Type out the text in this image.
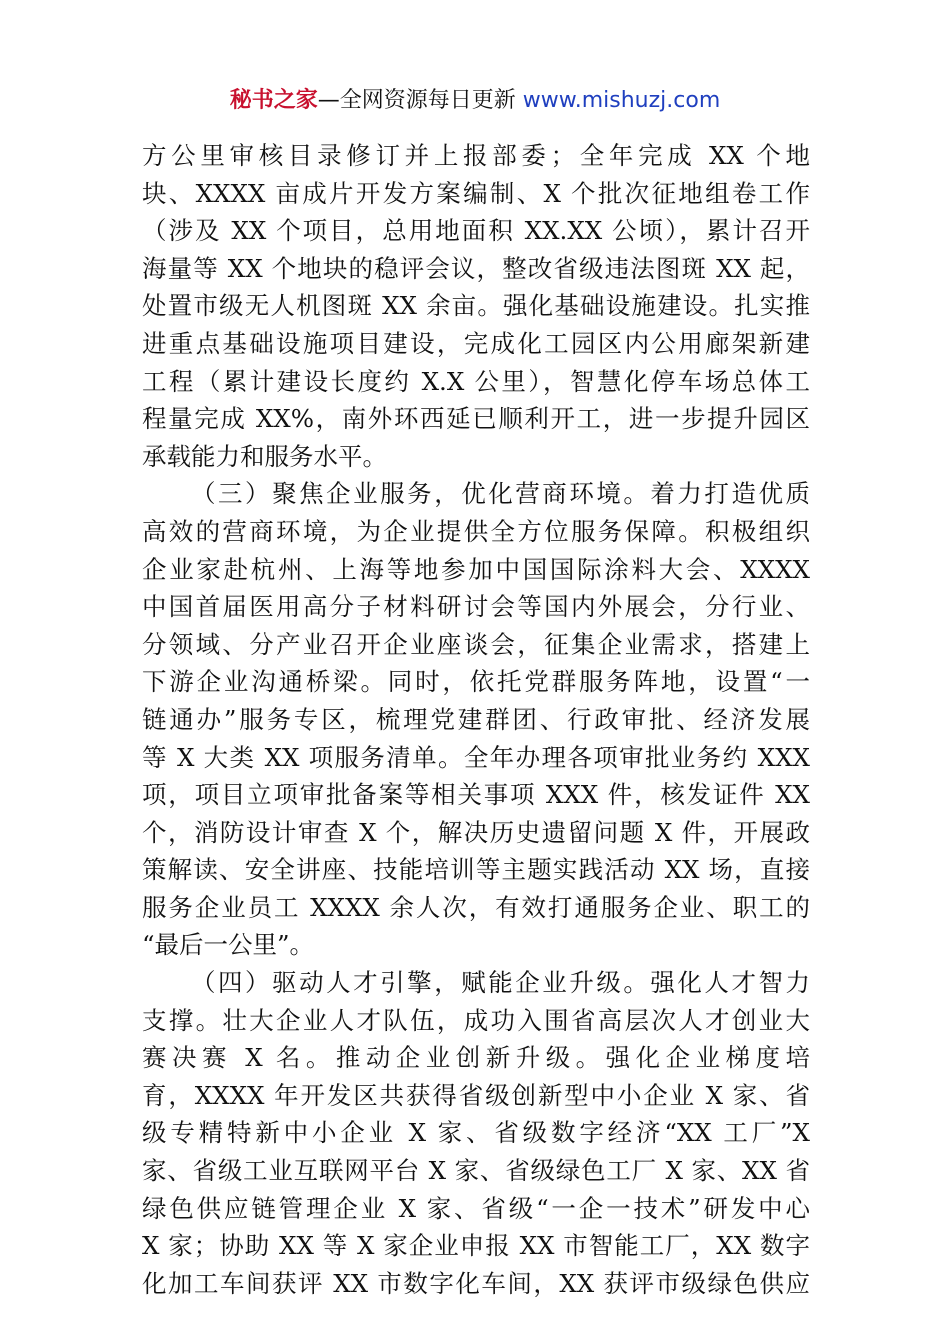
秘书之家—全网资源每日更新 www.mishuzj.com
方公里审核目录修订并上报部委；全年完成 XX 个地
块、XXXX 亩成片开发方案编制、X 个批次征地组卷工作
（涉及 XX 个项目，总用地面积 XX.XX 公顷），累计召开
海量等 XX 个地块的稳评会议，整改省级违法图斑 XX 起，
处置市级无人机图斑 XX 余亩。强化基础设施建设。扎实推
进重点基础设施项目建设，完成化工园区内公用廊架新建
工程（累计建设长度约 X.X 公里），智慧化停车场总体工
程量完成 XX%，南外环西延已顺利开工，进一步提升园区
承载能力和服务水平。
（三）聚焦企业服务，优化营商环境。着力打造优质
高效的营商环境，为企业提供全方位服务保障。积极组织
企业家赴杭州、上海等地参加中国国际涂料大会、XXXX
中国首届医用高分子材料研讨会等国内外展会，分行业、
分领域、分产业召开企业座谈会，征集企业需求，搭建上
下游企业沟通桥梁。同时，依托党群服务阵地，设置“一
链通办”服务专区，梳理党建群团、行政审批、经济发展
等 X 大类 XX 项服务清单。全年办理各项审批业务约 XXX
项，项目立项审批备案等相关事项 XXX 件，核发证件 XX
个，消防设计审查 X 个，解决历史遗留问题 X 件，开展政
策解读、安全讲座、技能培训等主题实践活动 XX 场，直接
服务企业员工 XXXX 余人次，有效打通服务企业、职工的
“最后一公里”。
（四）驱动人才引擎，赋能企业升级。强化人才智力
支撑。壮大企业人才队伍，成功入围省高层次人才创业大
赛决赛 X 名。推动企业创新升级。强化企业梯度培
育，XXXX 年开发区共获得省级创新型中小企业 X 家、省
级专精特新中小企业 X 家、省级数字经济“XX 工厂”X
家、省级工业互联网平台 X 家、省级绿色工厂 X 家、XX 省
绿色供应链管理企业 X 家、省级“一企一技术”研发中心
X 家；协助 XX 等 X 家企业申报 XX 市智能工厂，XX 数字
化加工车间获评 XX 市数字化车间，XX 获评市级绿色供应
